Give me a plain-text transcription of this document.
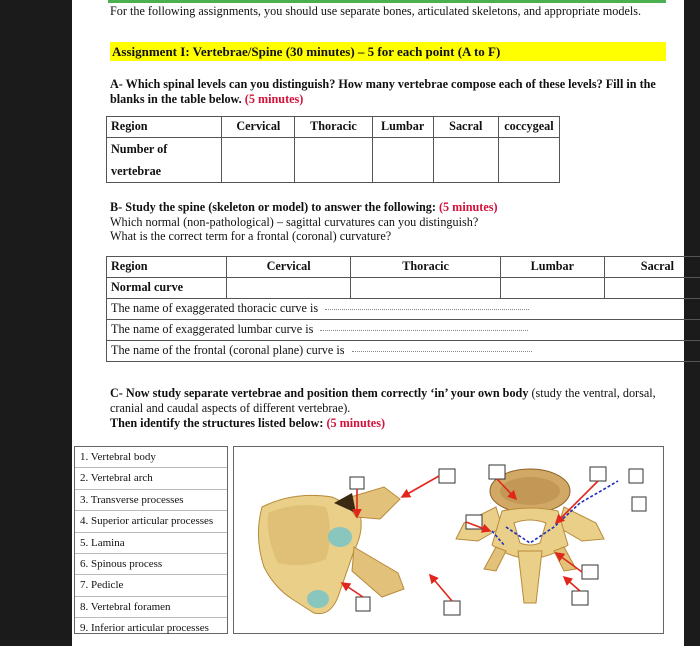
For the following assignments, you should use separate bones, articulated skeletons, and appropriate models.
Assignment I: Vertebrae/Spine (30 minutes) – 5 for each point (A to F)
A- Which spinal levels can you distinguish? How many vertebrae compose each of these levels? Fill in the blanks in the table below. (5 minutes)
Region	Cervical	Thoracic	Lumbar	Sacral	coccygeal
Number of
vertebrae					
B- Study the spine (skeleton or model) to answer the following: (5 minutes)
Which normal (non-pathological) – sagittal curvatures can you distinguish?
What is the correct term for a frontal (coronal) curvature?
Region	Cervical	Thoracic	Lumbar	Sacral
Normal curve				
The name of exaggerated thoracic curve is				
The name of exaggerated lumbar curve is				
The name of the frontal (coronal plane) curve is				
C- Now study separate vertebrae and position them correctly ‘in’ your own body (study the ventral, dorsal, cranial and caudal aspects of different vertebrae).
Then identify the structures listed below: (5 minutes)
1. Vertebral body
2. Vertebral arch
3. Transverse processes
4. Superior articular processes
5. Lamina
6. Spinous process
7. Pedicle
8. Vertebral foramen
9. Inferior articular processes
